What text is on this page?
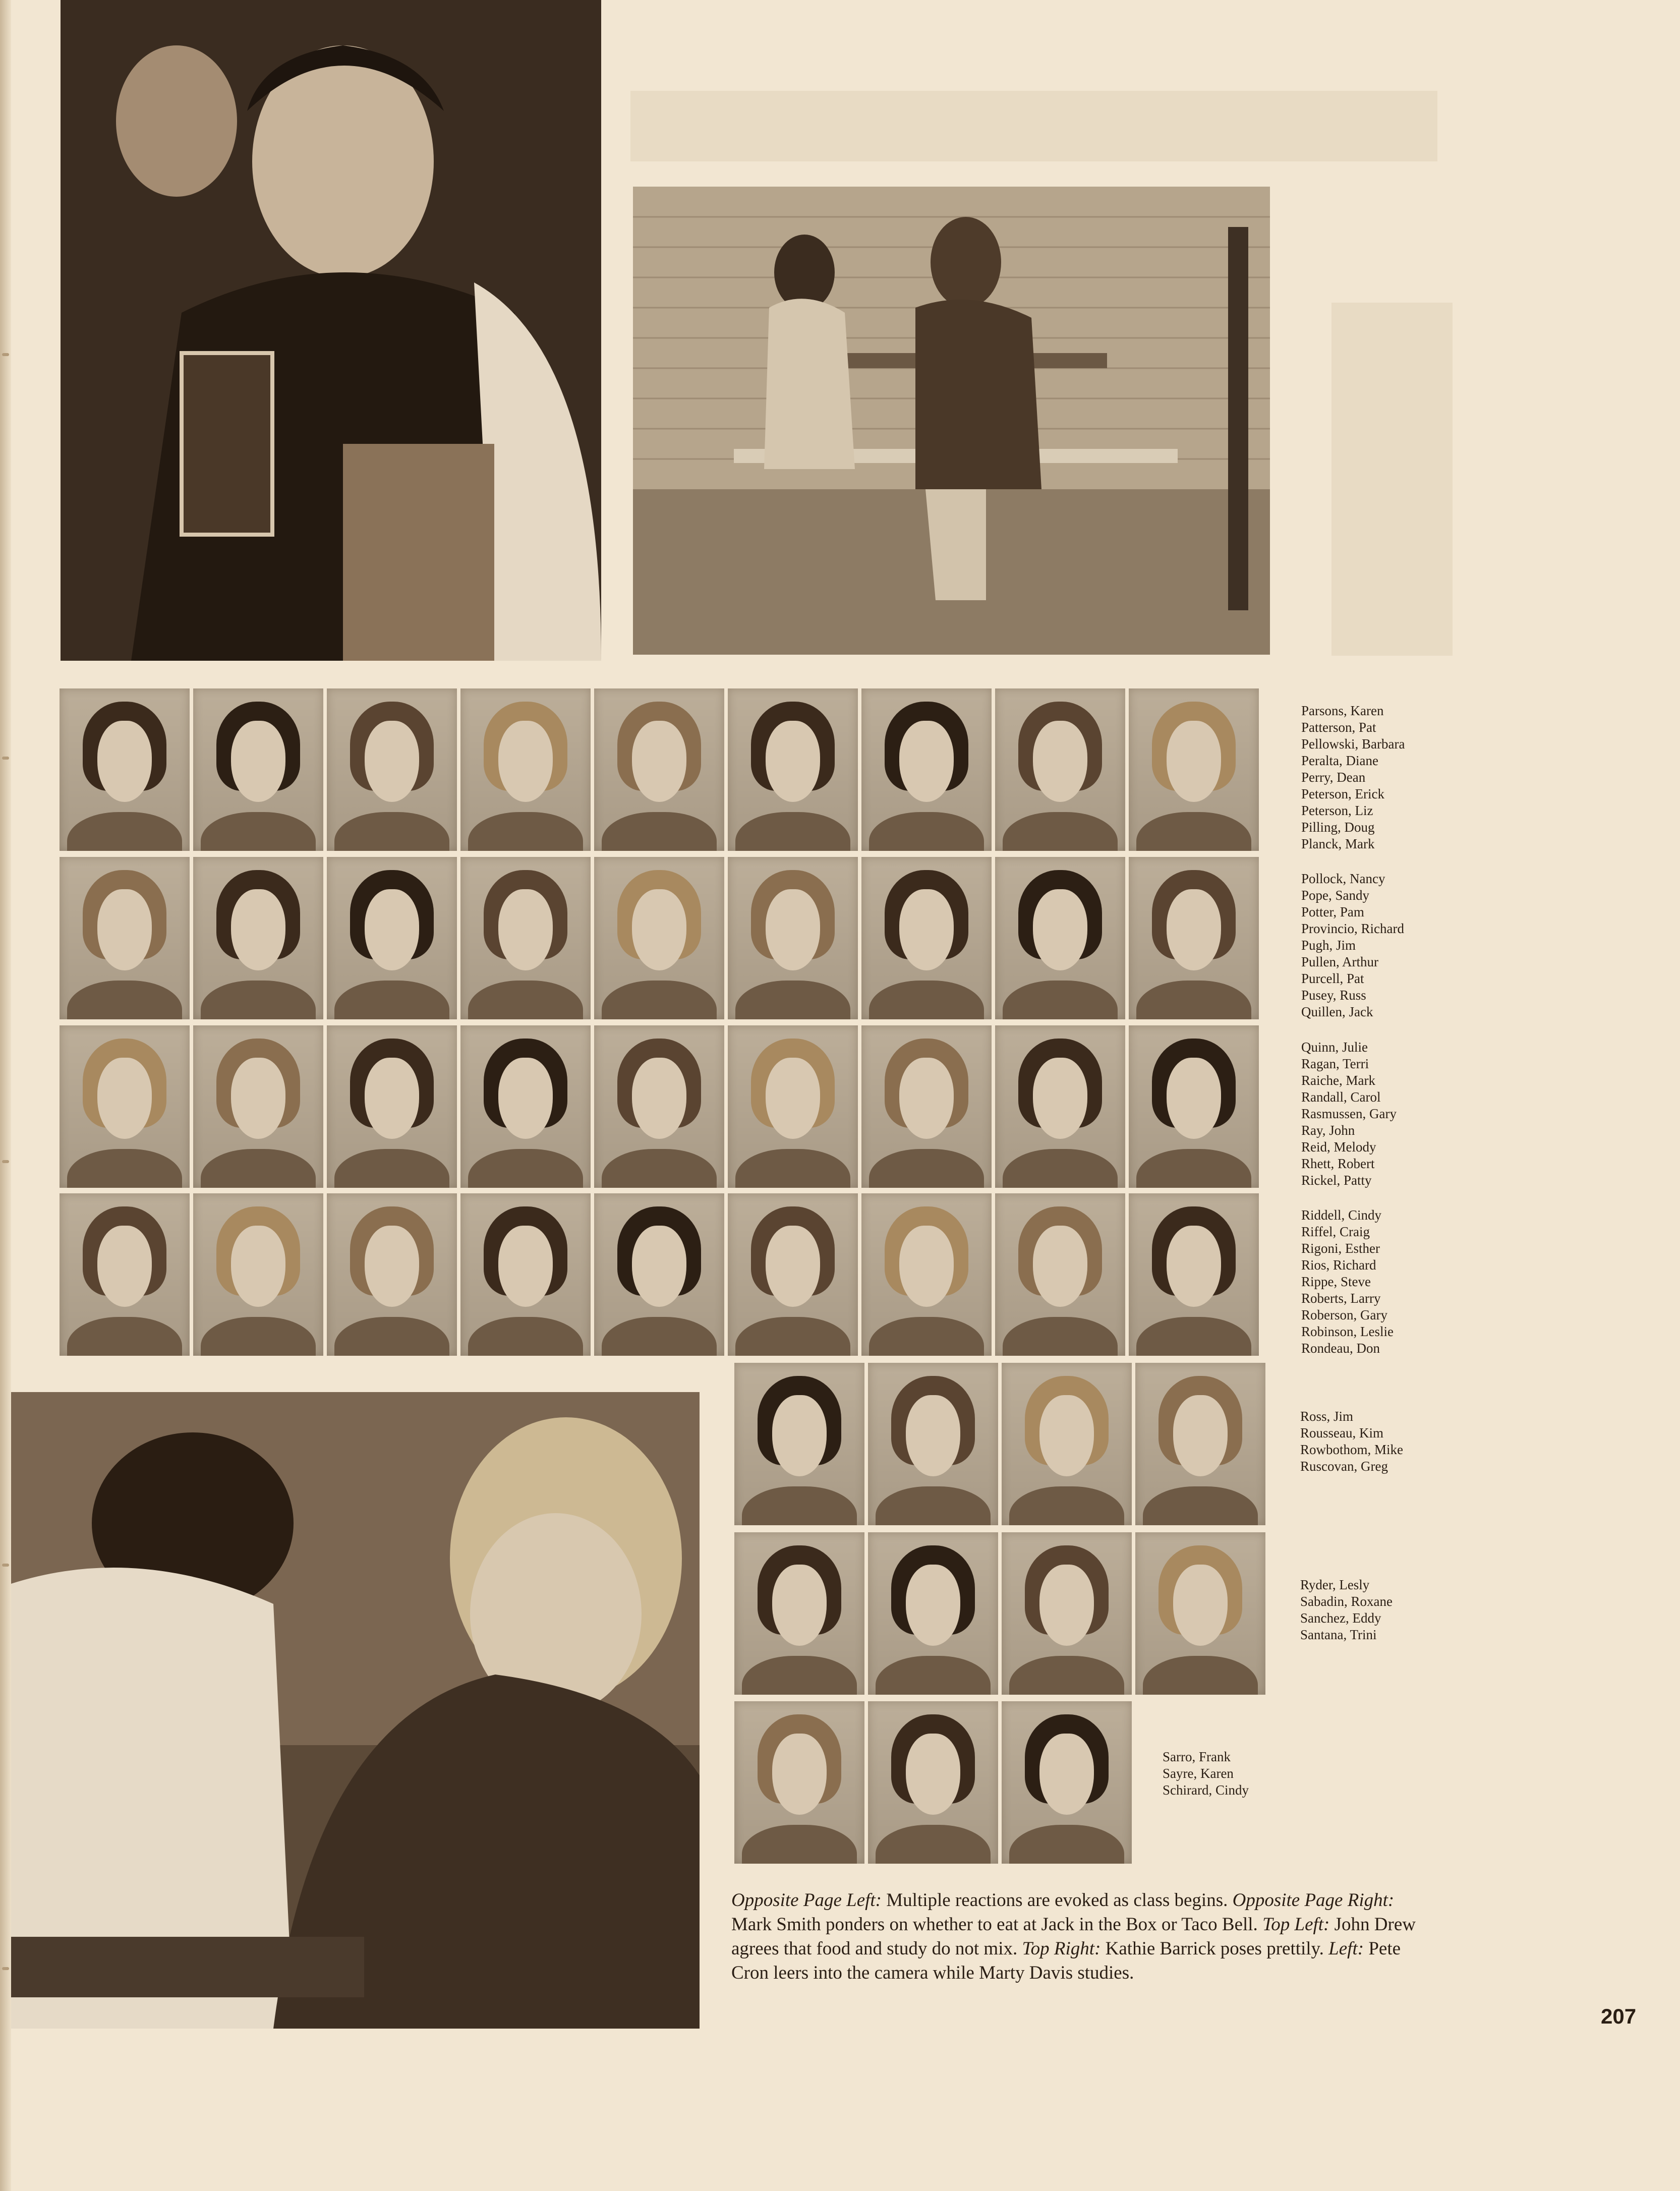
Parsons, Karen
Patterson, Pat
Pellowski, Barbara
Peralta, Diane
Perry, Dean
Peterson, Erick
Peterson, Liz
Pilling, Doug
Planck, Mark
Pollock, Nancy
Pope, Sandy
Potter, Pam
Provincio, Richard
Pugh, Jim
Pullen, Arthur
Purcell, Pat
Pusey, Russ
Quillen, Jack
Quinn, Julie
Ragan, Terri
Raiche, Mark
Randall, Carol
Rasmussen, Gary
Ray, John
Reid, Melody
Rhett, Robert
Rickel, Patty
Riddell, Cindy
Riffel, Craig
Rigoni, Esther
Rios, Richard
Rippe, Steve
Roberts, Larry
Roberson, Gary
Robinson, Leslie
Rondeau, Don
Ross, Jim
Rousseau, Kim
Rowbothom, Mike
Ruscovan, Greg
Ryder, Lesly
Sabadin, Roxane
Sanchez, Eddy
Santana, Trini
Sarro, Frank
Sayre, Karen
Schirard, Cindy

Opposite Page Left: Multiple reactions are evoked as class begins. Opposite Page Right: Mark Smith ponders on whether to eat at Jack in the Box or Taco Bell. Top Left: John Drew agrees that food and study do not mix. Top Right: Kathie Barrick poses prettily. Left: Pete Cron leers into the camera while Marty Davis studies.

207
